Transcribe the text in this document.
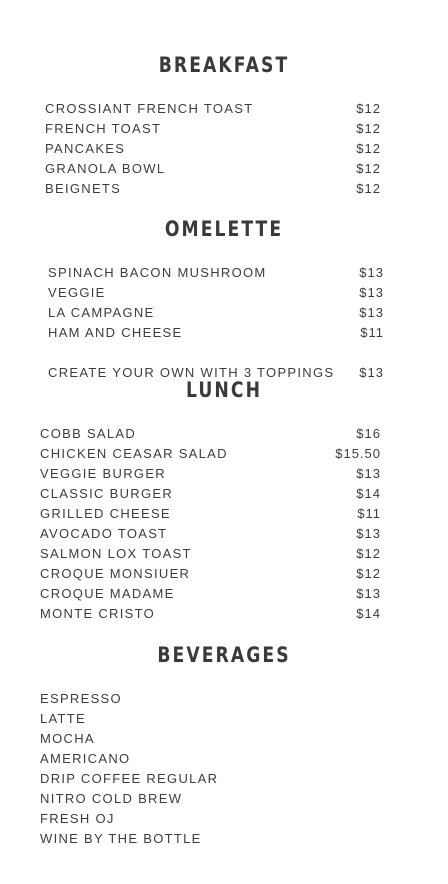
BREAKFAST
CROSSIANT FRENCH TOAST	$12
FRENCH TOAST	$12
PANCAKES	$12
GRANOLA BOWL	$12
BEIGNETS	$12
OMELETTE
SPINACH BACON MUSHROOM	$13
VEGGIE	$13
LA CAMPAGNE	$13
HAM AND CHEESE	$11
CREATE YOUR OWN WITH 3 TOPPINGS $13
LUNCH
COBB SALAD	$16
CHICKEN CEASAR SALAD	$15.50
VEGGIE BURGER	$13
CLASSIC BURGER	$14
GRILLED CHEESE	$11
AVOCADO TOAST	$13
SALMON LOX TOAST	$12
CROQUE MONSIUER	$12
CROQUE MADAME	$13
MONTE CRISTO	$14
BEVERAGES
ESPRESSO
LATTE
MOCHA
AMERICANO
DRIP COFFEE REGULAR
NITRO COLD BREW
FRESH OJ
WINE BY THE BOTTLE
